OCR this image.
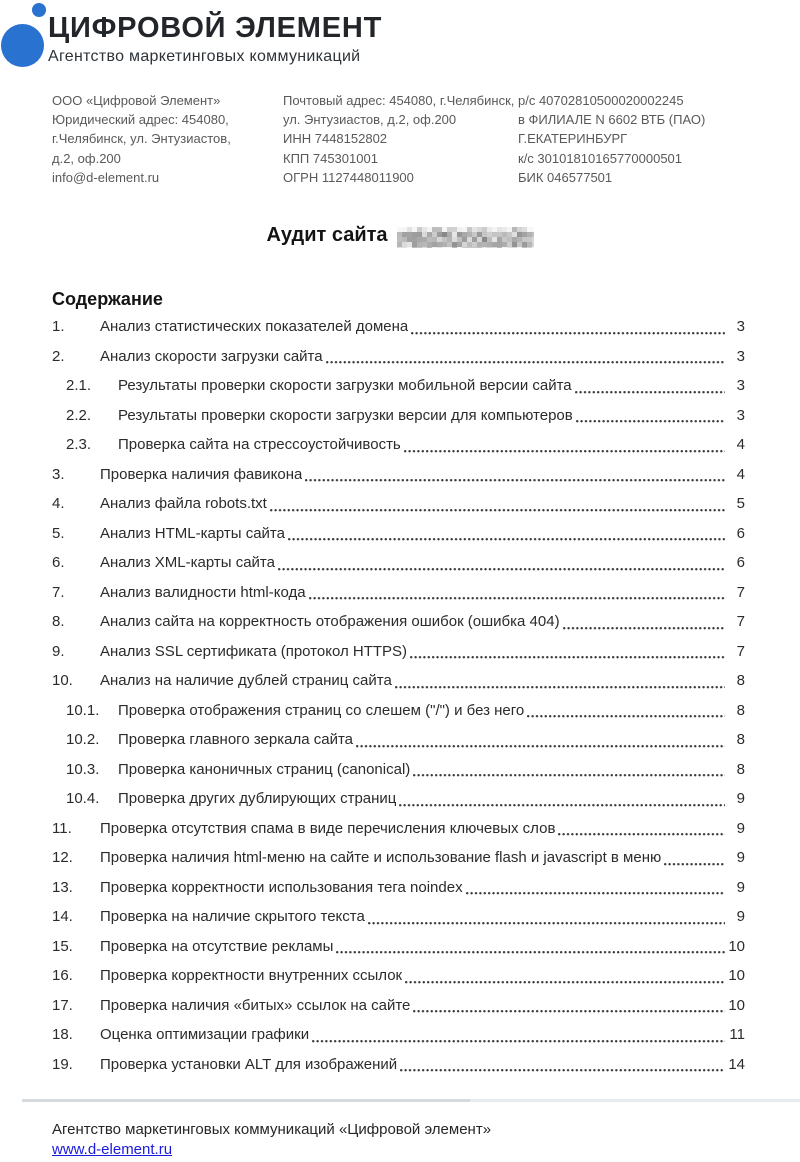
ЦИФРОВОЙ ЭЛЕМЕНТ
Агентство маркетинговых коммуникаций
ООО «Цифровой Элемент»
Юридический адрес: 454080,
г.Челябинск, ул. Энтузиастов,
д.2, оф.200
info@d-element.ru
Почтовый адрес: 454080, г.Челябинск,
ул. Энтузиастов, д.2, оф.200
ИНН 7448152802
КПП 745301001
ОГРН 1127448011900
р/с 40702810500020002245
в ФИЛИАЛЕ N 6602 ВТБ (ПАО)
Г.ЕКАТЕРИНБУРГ
к/с 30101810165770000501
БИК 046577501
Аудит сайта
Содержание
1.	Анализ статистических показателей домена	3
2.	Анализ скорости загрузки сайта	3
2.1.	Результаты проверки скорости загрузки мобильной версии сайта	3
2.2.	Результаты проверки скорости загрузки версии для компьютеров	3
2.3.	Проверка сайта на стрессоустойчивость	4
3.	Проверка наличия фавикона	4
4.	Анализ файла robots.txt	5
5.	Анализ HTML-карты сайта	6
6.	Анализ XML-карты сайта	6
7.	Анализ валидности html-кода	7
8.	Анализ сайта на корректность отображения ошибок (ошибка 404)	7
9.	Анализ SSL сертификата (протокол HTTPS)	7
10.	Анализ на наличие дублей страниц сайта	8
10.1.	Проверка отображения страниц со слешем ("/") и без него	8
10.2.	Проверка главного зеркала сайта	8
10.3.	Проверка каноничных страниц (canonical)	8
10.4.	Проверка других дублирующих страниц	9
11.	Проверка отсутствия спама в виде перечисления ключевых слов	9
12.	Проверка наличия html-меню на сайте и использование flash и javascript в меню	9
13.	Проверка корректности использования тега noindex	9
14.	Проверка на наличие скрытого текста	9
15.	Проверка на отсутствие рекламы	10
16.	Проверка корректности внутренних ссылок	10
17.	Проверка наличия «битых» ссылок на сайте	10
18.	Оценка оптимизации графики	11
19.	Проверка установки ALT для изображений	14
Агентство маркетинговых коммуникаций «Цифровой элемент»
www.d-element.ru
